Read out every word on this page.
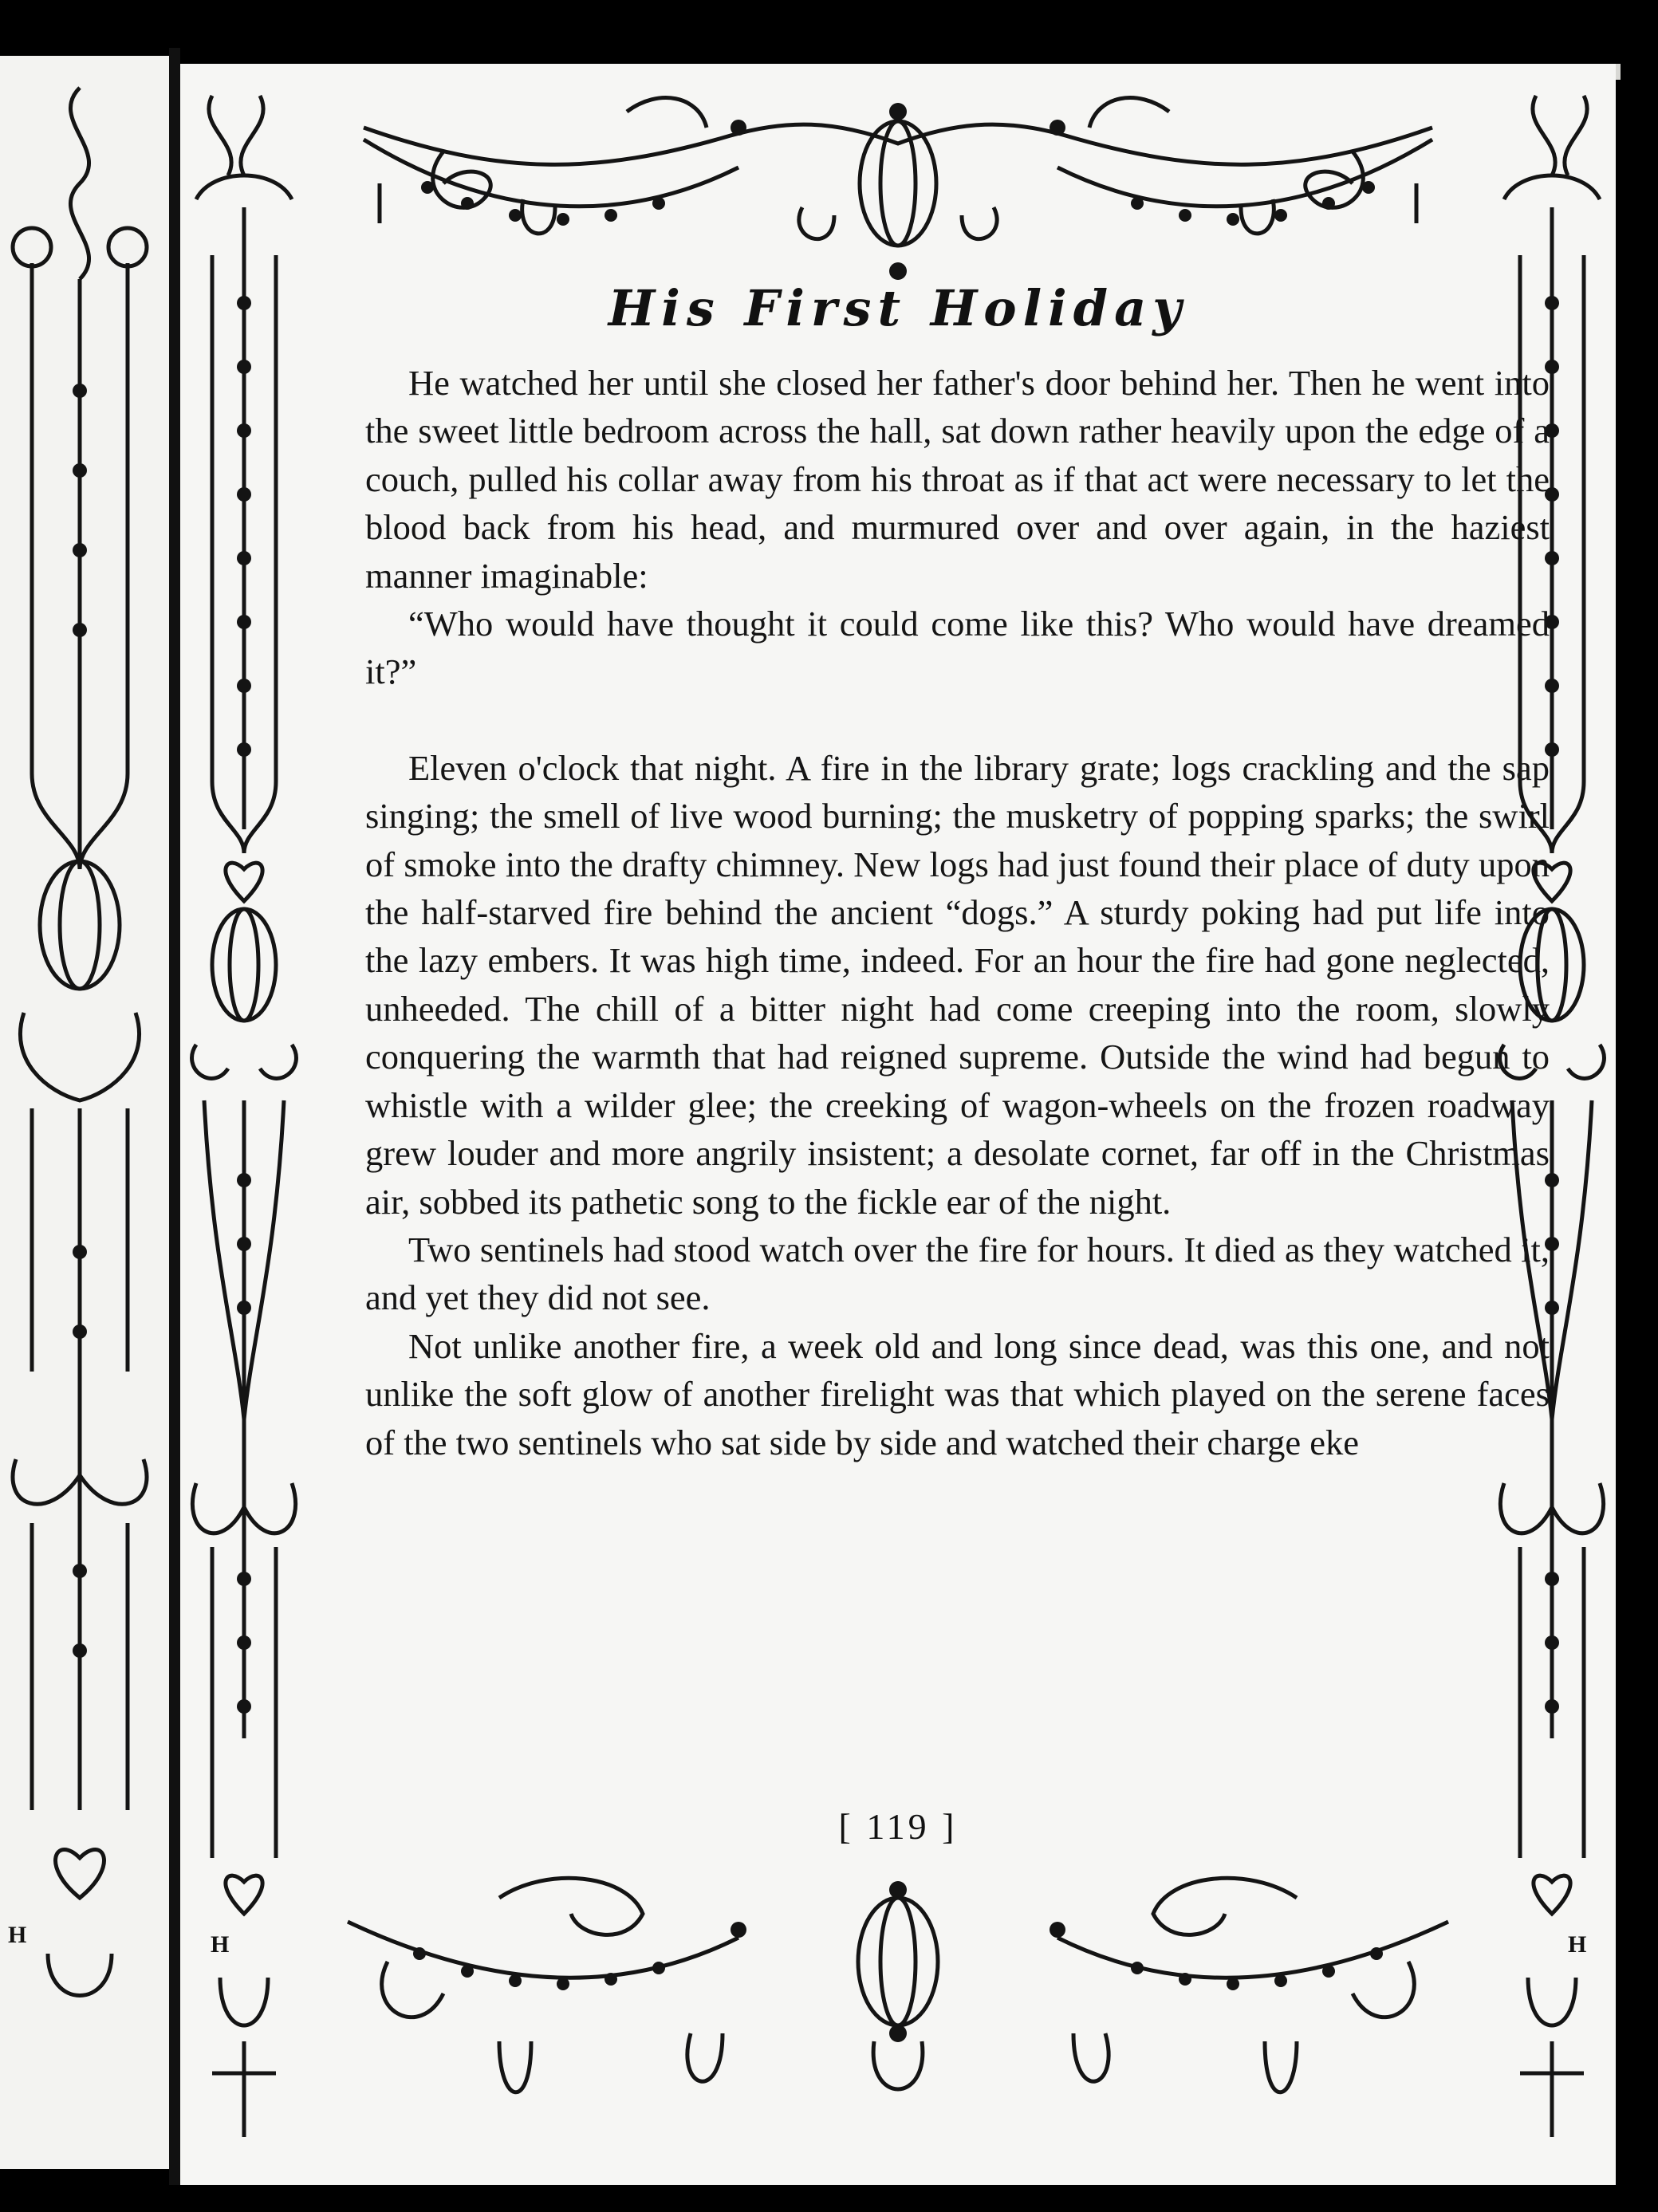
H
His First Holiday

He watched her until she closed her father's door behind her. Then he went into the sweet little bedroom across the hall, sat down rather heavily upon the edge of a couch, pulled his collar away from his throat as if that act were necessary to let the blood back from his head, and murmured over and over again, in the haziest manner imaginable:

“Who would have thought it could come like this? Who would have dreamed it?”

Eleven o'clock that night. A fire in the library grate; logs crackling and the sap singing; the smell of live wood burning; the musketry of popping sparks; the swirl of smoke into the drafty chimney. New logs had just found their place of duty upon the half-starved fire behind the ancient “dogs.” A sturdy poking had put life into the lazy embers. It was high time, indeed. For an hour the fire had gone neglected, unheeded. The chill of a bitter night had come creeping into the room, slowly conquering the warmth that had reigned supreme. Outside the wind had begun to whistle with a wilder glee; the creeking of wagon-wheels on the frozen roadway grew louder and more angrily insistent; a desolate cornet, far off in the Christmas air, sobbed its pathetic song to the fickle ear of the night.

Two sentinels had stood watch over the fire for hours. It died as they watched it, and yet they did not see.

Not unlike another fire, a week old and long since dead, was this one, and not unlike the soft glow of another firelight was that which played on the serene faces of the two sentinels who sat side by side and watched their charge eke

[ 119 ]
H	H
